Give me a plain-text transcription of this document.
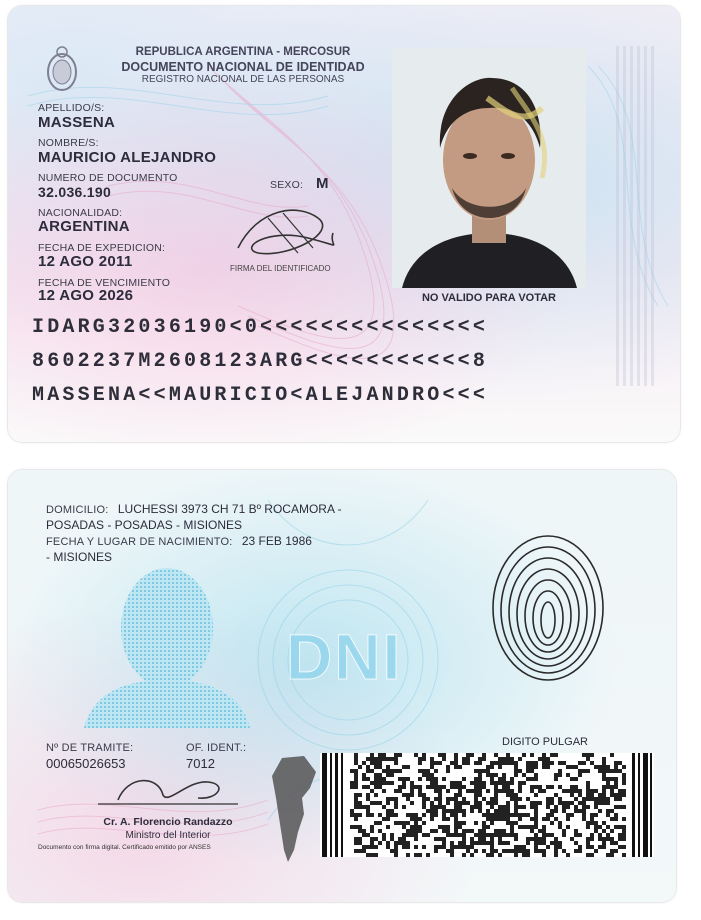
REPUBLICA ARGENTINA - MERCOSUR
DOCUMENTO NACIONAL DE IDENTIDAD
REGISTRO NACIONAL DE LAS PERSONAS
APELLIDO/S:
MASSENA
NOMBRE/S:
MAURICIO ALEJANDRO
NUMERO DE DOCUMENTO
32.036.190	SEXO: M
NACIONALIDAD:
ARGENTINA
FECHA DE EXPEDICION:
12 AGO 2011
FECHA DE VENCIMIENTO
12 AGO 2026
FIRMA DEL IDENTIFICADO
NO VALIDO PARA VOTAR
IDARG32036190<0<<<<<<<<<<<<<<<
8602237M2608123ARG<<<<<<<<<<<8
MASSENA<<MAURICIO<ALEJANDRO<<<
DOMICILIO: LUCHESSI 3973 CH 71 Bº ROCAMORA -
POSADAS - POSADAS - MISIONES
FECHA Y LUGAR DE NACIMIENTO: 23 FEB 1986
- MISIONES
DNI
DIGITO PULGAR
Nº DE TRAMITE:
00065026653
OF. IDENT.:
7012
Cr. A. Florencio Randazzo
Ministro del Interior
Documento con firma digital. Certificado emitido por ANSES
